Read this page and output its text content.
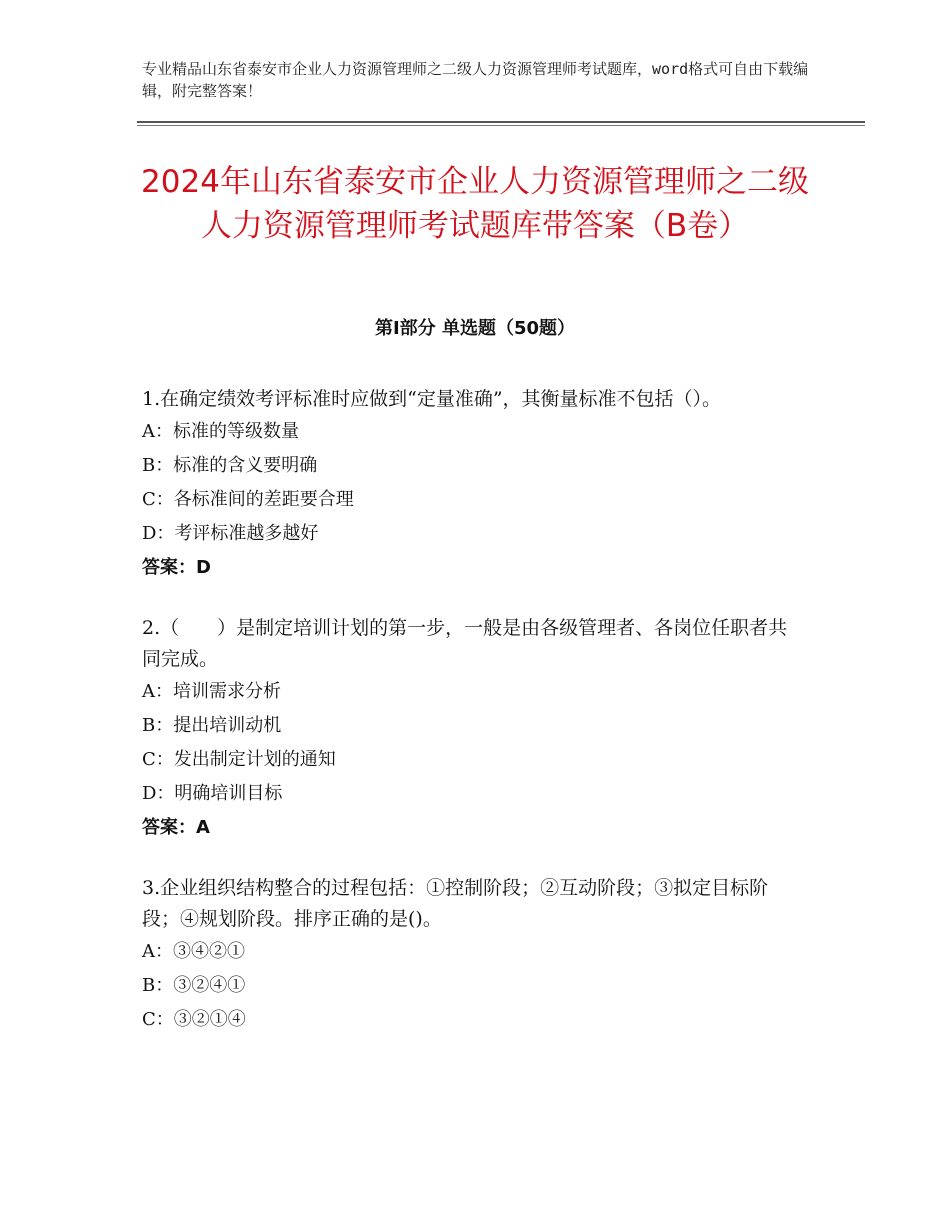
专业精品山东省泰安市企业人力资源管理师之二级人力资源管理师考试题库，word格式可自由下载编辑，附完整答案！
2024年山东省泰安市企业人力资源管理师之二级人力资源管理师考试题库带答案（B卷）
第Ⅰ部分 单选题（50题）

1.在确定绩效考评标准时应做到“定量准确”，其衡量标准不包括（）。

A：标准的等级数量

B：标准的含义要明确

C：各标准间的差距要合理

D：考评标准越多越好

答案：D

2.（　　）是制定培训计划的第一步，一般是由各级管理者、各岗位任职者共同完成。

A：培训需求分析

B：提出培训动机

C：发出制定计划的通知

D：明确培训目标

答案：A

3.企业组织结构整合的过程包括：①控制阶段；②互动阶段；③拟定目标阶段；④规划阶段。排序正确的是()。

A：③④②①

B：③②④①

C：③②①④
